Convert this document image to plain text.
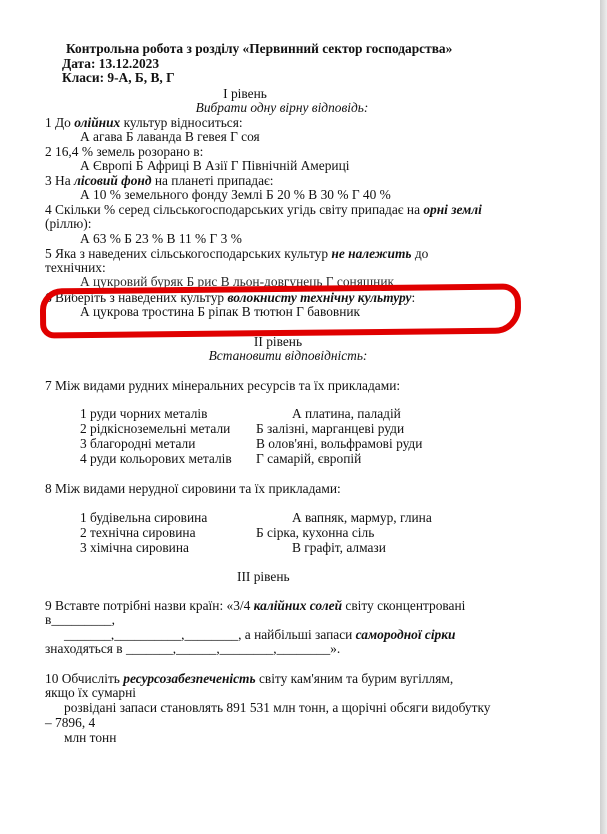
Контрольна робота з розділу «Первинний сектор господарства»
Дата: 13.12.2023
Класи: 9-А, Б, В, Г
І рівень
Вибрати одну вірну відповідь:
1 До олійних культур відноситься:
А агава Б лаванда В гевея Г соя
2 16,4 % земель розорано в:
А Європі Б Африці В Азії Г Північній Америці
3 На лісовий фонд на планеті припадає:
А 10 % земельного фонду Землі Б 20 % В 30 % Г 40 %
4 Скільки % серед сільськогосподарських угідь світу припадає на орні землі
(ріллю):
А 63 % Б 23 % В 11 % Г 3 %
5 Яка з наведених сільськогосподарських культур не належить до
технічних:
А цукровий буряк Б рис В льон-довгунець Г соняшник
6 Виберіть з наведених культур волокнисту технічну культуру:
А цукрова тростина Б ріпак В тютюн Г бавовник
ІІ рівень
Встановити відповідність:
7 Між видами рудних мінеральних ресурсів та їх прикладами:
1 руди чорних металів	А платина, паладій
2 рідкісноземельні метали Б залізні, марганцеві руди
3 благородні метали	В олов'яні, вольфрамові руди
4 руди кольорових металів Г самарій, європій
8 Між видами нерудної сировини та їх прикладами:
1 будівельна сировина	А вапняк, мармур, глина
2 технічна сировина	Б сірка, кухонна сіль
3 хімічна сировина	В графіт, алмази
ІІІ рівень
9 Вставте потрібні назви країн: «3/4 калійних солей світу сконцентровані
в_________,
_______,__________,________, а найбільші запаси самородної сірки
знаходяться в _______,______,________,________».
10 Обчисліть ресурсозабезпеченість світу кам'яним та бурим вугіллям,
якщо їх сумарні
розвідані запаси становлять 891 531 млн тонн, а щорічні обсяги видобутку
– 7896, 4
млн тонн
